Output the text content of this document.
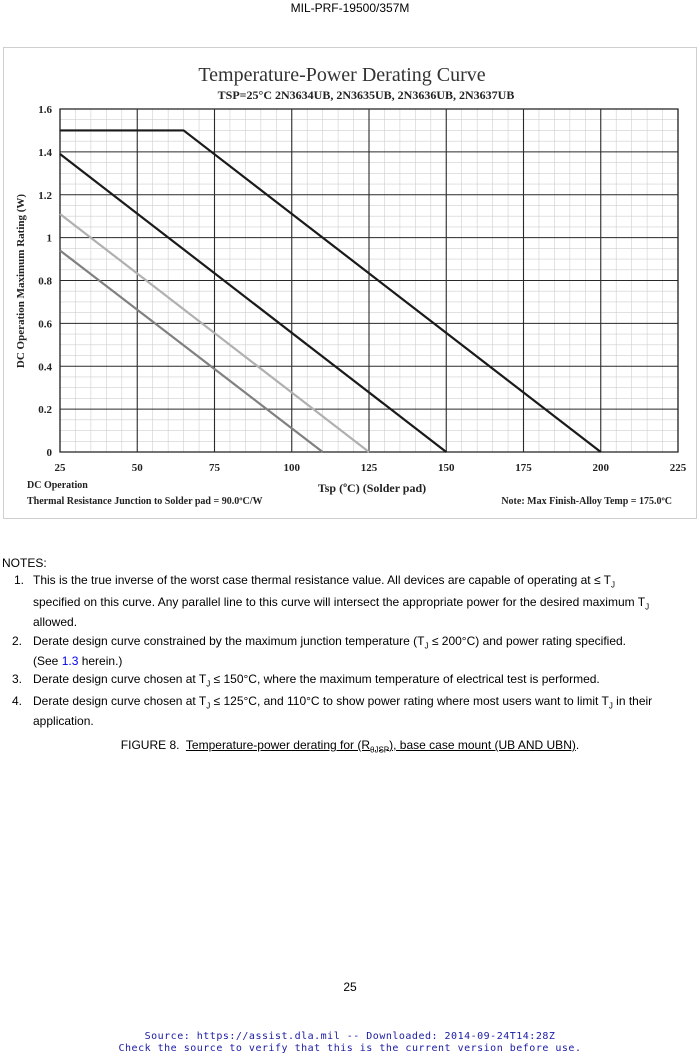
MIL-PRF-19500/357M
Temperature-Power Derating Curve
TSP=25°C 2N3634UB, 2N3635UB, 2N3636UB, 2N3637UB
25	50	75	100	125	150	175	200	225
0
0.2
0.4
0.6
0.8
1
1.2
1.4
1.6
DC Operation Maximum Rating (W)
Tsp (ºC) (Solder pad)
DC Operation
Thermal Resistance Junction to Solder pad = 90.0ºC/W	Note: Max Finish-Alloy Temp = 175.0ºC

NOTES:

1. This is the true inverse of the worst case thermal resistance value. All devices are capable of operating at ≤ $T_J$
specified on this curve. Any parallel line to this curve will intersect the appropriate power for the desired maximum $T_J$ allowed.
2. Derate design curve constrained by the maximum junction temperature $(T_J \le 200^\circ C)$ and power rating specified.
(See 1.3 herein.)
3. Derate design curve chosen at $T_J \le 150^\circ C$, where the maximum temperature of electrical test is performed.
4. Derate design curve chosen at $T_J \le 125^\circ C$, and 110°C to show power rating where most users want to limit $T_J$ in their application.
FIGURE 8. Temperature-power derating for $(R_{\theta JSP})$, base case mount (UB AND UBN).
25
Source: https://assist.dla.mil -- Downloaded: 2014-09-24T14:28Z
Check the source to verify that this is the current version before use.
